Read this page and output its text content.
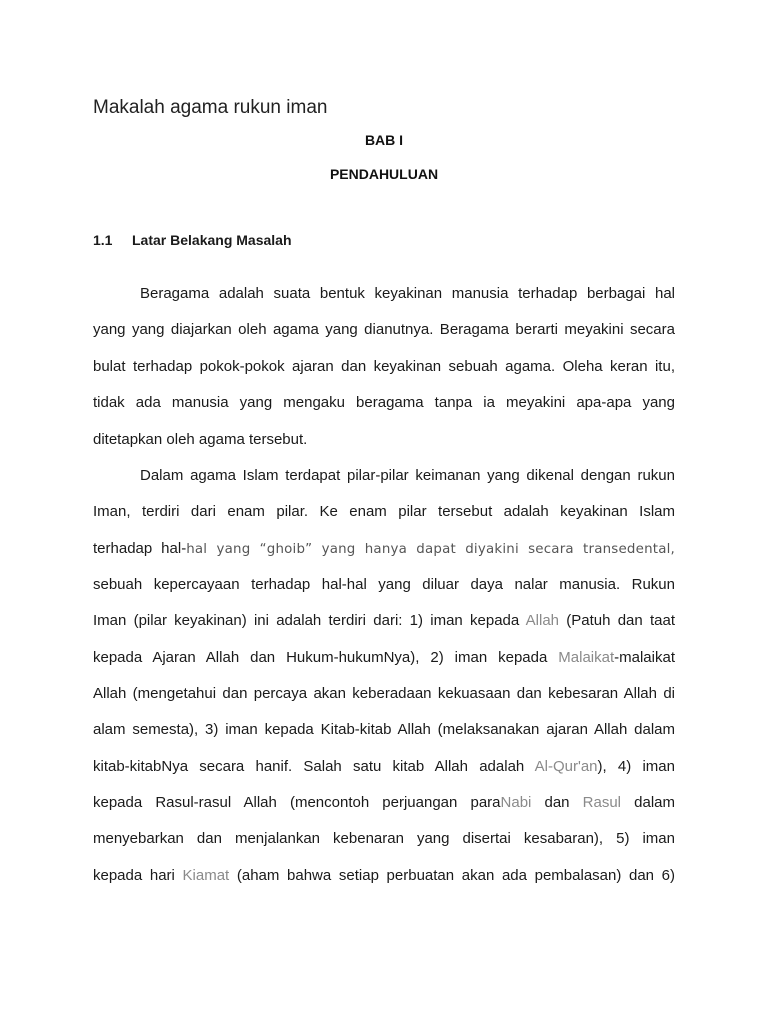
Makalah agama rukun iman
BAB I
PENDAHULUAN
1.1 Latar Belakang Masalah
Beragama adalah suata bentuk keyakinan manusia terhadap berbagai hal
yang yang diajarkan oleh agama yang dianutnya. Beragama berarti meyakini secara
bulat terhadap pokok-pokok ajaran dan keyakinan sebuah agama. Oleha keran itu,
tidak ada manusia yang mengaku beragama tanpa ia meyakini apa-apa yang
ditetapkan oleh agama tersebut.
Dalam agama Islam terdapat pilar-pilar keimanan yang dikenal dengan rukun
Iman, terdiri dari enam pilar. Ke enam pilar tersebut adalah keyakinan Islam
terhadap hal-hal yang “ghoib” yang hanya dapat diyakini secara transedental,
sebuah kepercayaan terhadap hal-hal yang diluar daya nalar manusia. Rukun
Iman (pilar keyakinan) ini adalah terdiri dari: 1) iman kepada Allah (Patuh dan taat
kepada Ajaran Allah dan Hukum-hukumNya), 2) iman kepada Malaikat-malaikat
Allah (mengetahui dan percaya akan keberadaan kekuasaan dan kebesaran Allah di
alam semesta), 3) iman kepada Kitab-kitab Allah (melaksanakan ajaran Allah dalam
kitab-kitabNya secara hanif. Salah satu kitab Allah adalah Al-Qur'an), 4) iman
kepada Rasul-rasul Allah (mencontoh perjuangan paraNabi dan Rasul dalam
menyebarkan dan menjalankan kebenaran yang disertai kesabaran), 5) iman
kepada hari Kiamat (aham bahwa setiap perbuatan akan ada pembalasan) dan 6)
